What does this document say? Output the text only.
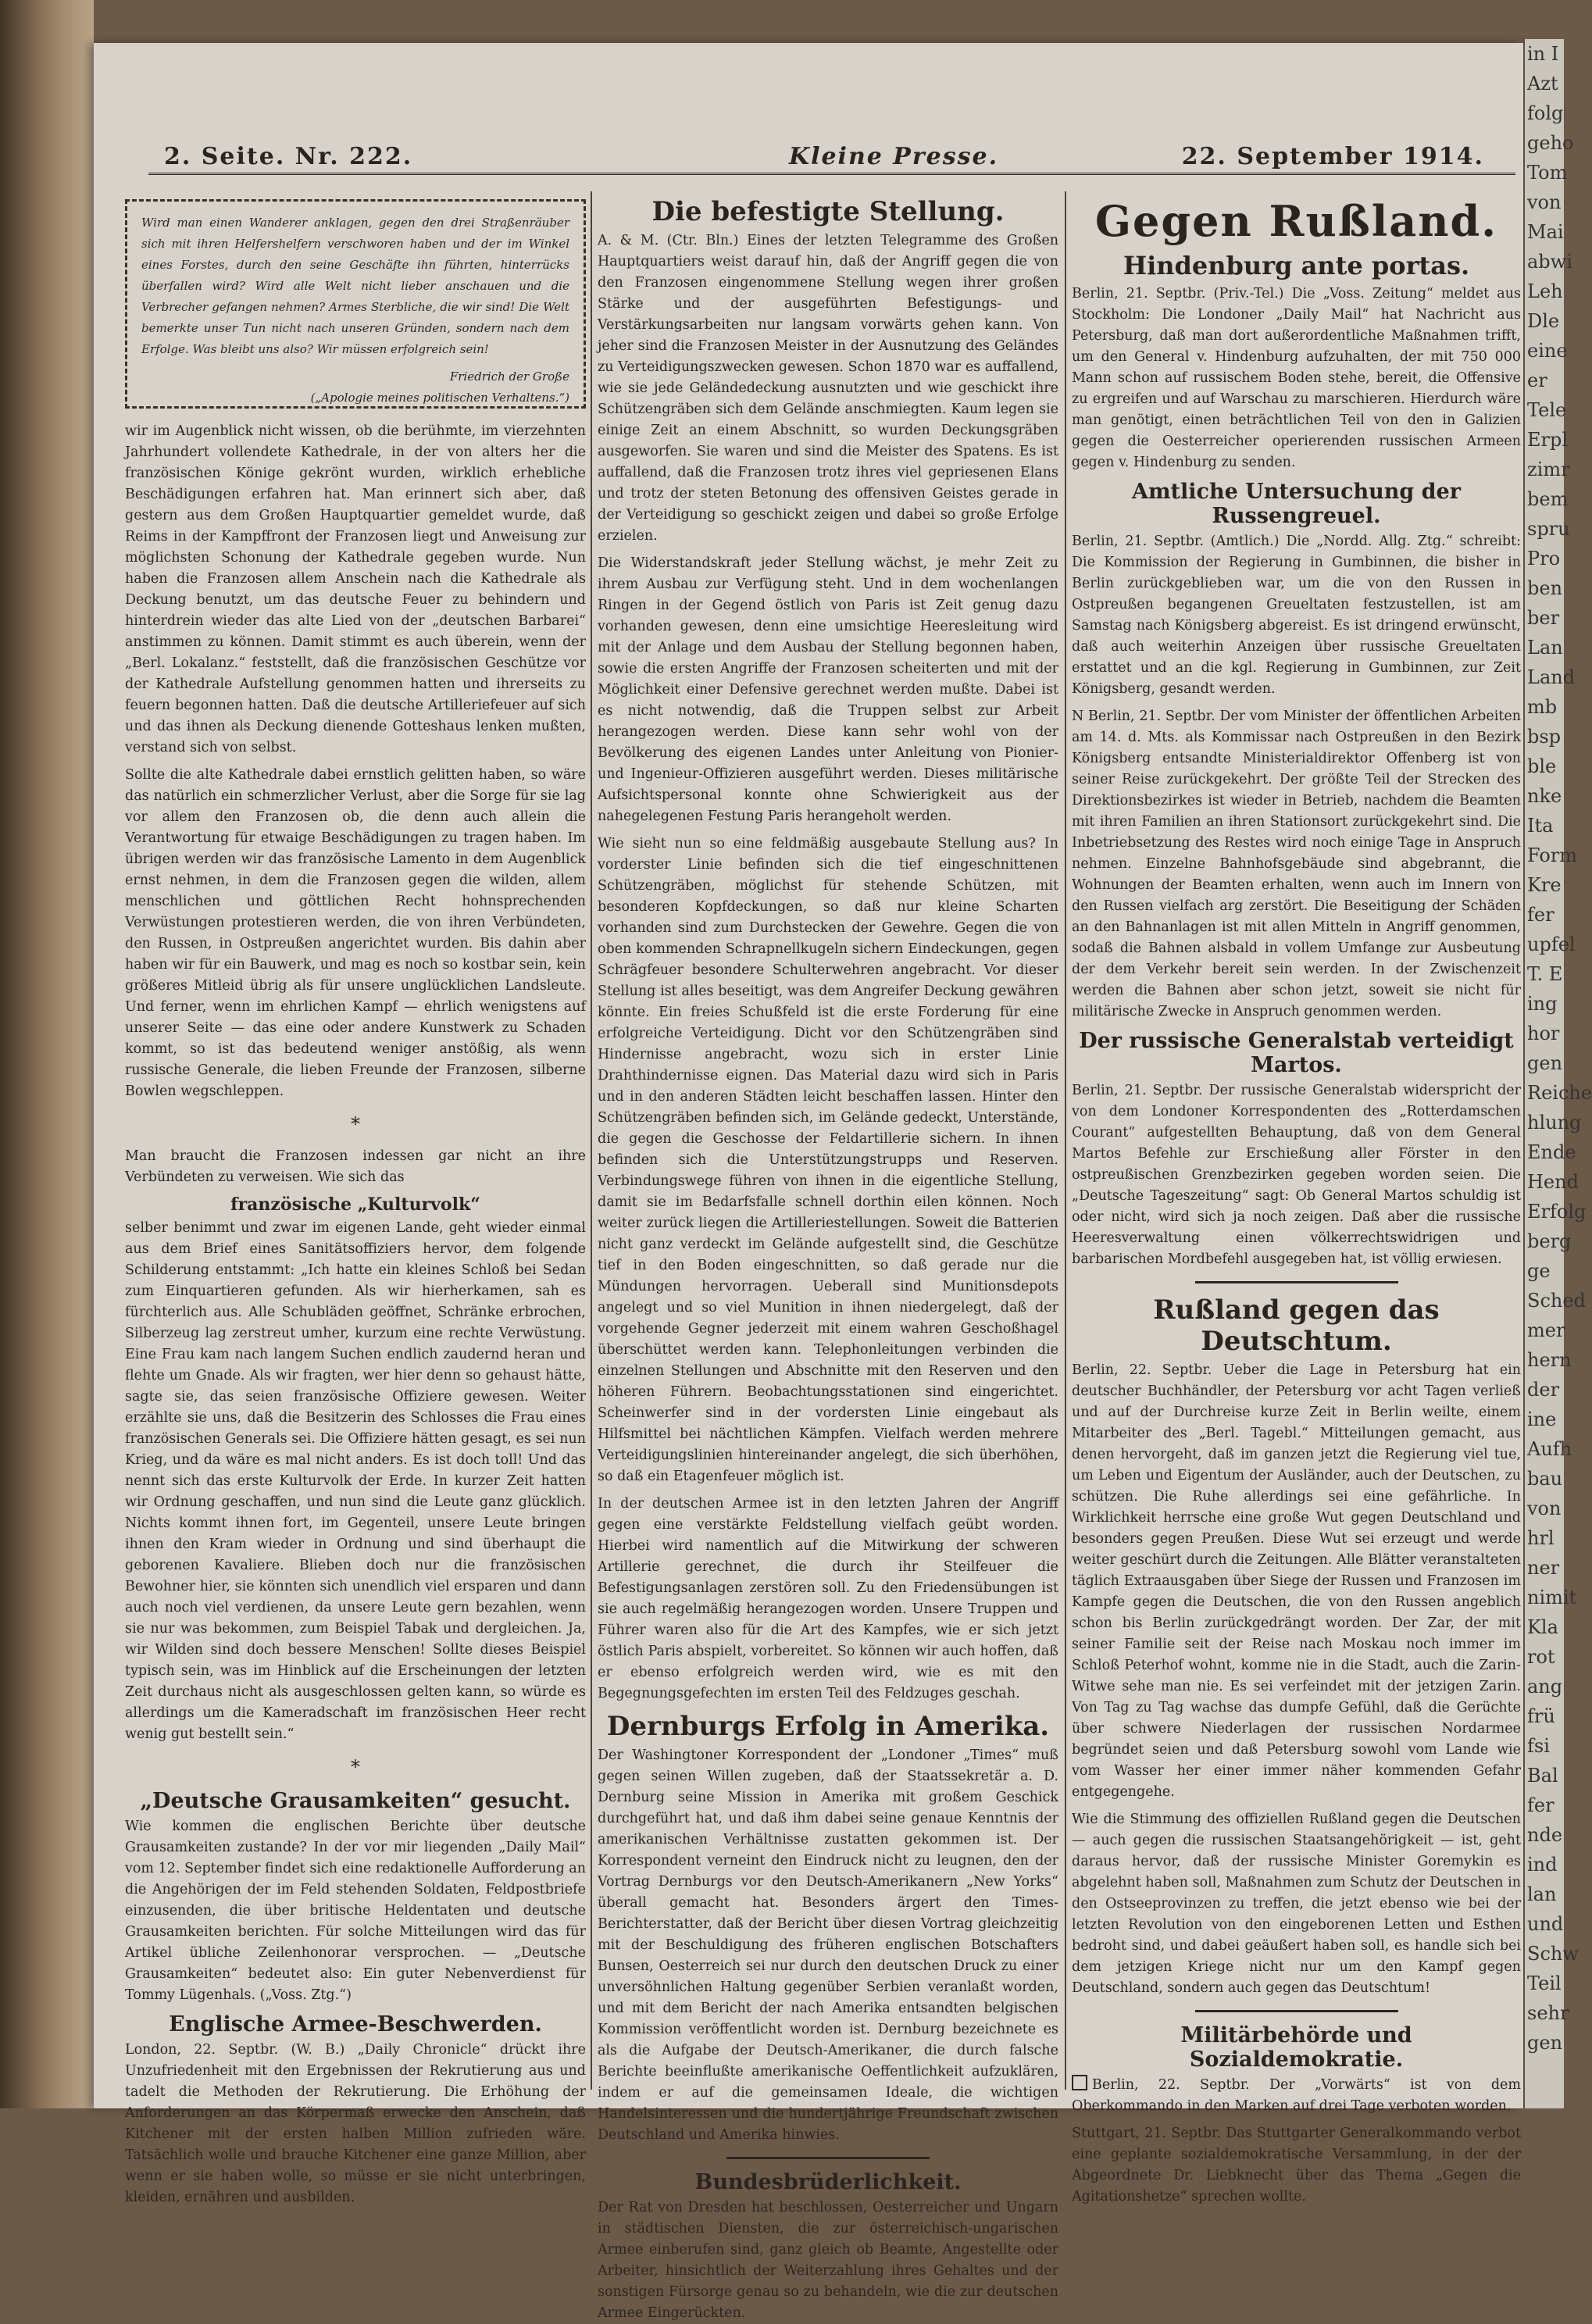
2. Seite. Nr. 222.	Kleine Presse.	22. September 1914.

Wird man einen Wanderer anklagen, gegen den drei Straßenräuber sich mit ihren Helfershelfern verschworen haben und der im Winkel eines Forstes, durch den seine Geschäfte ihn führten, hinterrücks überfallen wird? Wird alle Welt nicht lieber anschauen und die Verbrecher gefangen nehmen? Armes Sterbliche, die wir sind! Die Welt bemerkte unser Tun nicht nach unseren Gründen, sondern nach dem Erfolge. Was bleibt uns also? Wir müssen erfolgreich sein!

Friedrich der Große

(„Apologie meines politischen Verhaltens.“)

wir im Augenblick nicht wissen, ob die berühmte, im vierzehnten Jahrhundert vollendete Kathedrale, in der von alters her die französischen Könige gekrönt wurden, wirklich erhebliche Beschädigungen erfahren hat. Man erinnert sich aber, daß gestern aus dem Großen Hauptquartier gemeldet wurde, daß Reims in der Kampffront der Franzosen liegt und Anweisung zur möglichsten Schonung der Kathedrale gegeben wurde. Nun haben die Franzosen allem Anschein nach die Kathedrale als Deckung benutzt, um das deutsche Feuer zu behindern und hinterdrein wieder das alte Lied von der „deutschen Barbarei“ anstimmen zu können. Damit stimmt es auch überein, wenn der „Berl. Lokalanz.“ feststellt, daß die französischen Geschütze vor der Kathedrale Aufstellung genommen hatten und ihrerseits zu feuern begonnen hatten. Daß die deutsche Artilleriefeuer auf sich und das ihnen als Deckung dienende Gotteshaus lenken mußten, verstand sich von selbst.

Sollte die alte Kathedrale dabei ernstlich gelitten haben, so wäre das natürlich ein schmerzlicher Verlust, aber die Sorge für sie lag vor allem den Franzosen ob, die denn auch allein die Verantwortung für etwaige Beschädigungen zu tragen haben. Im übrigen werden wir das französische Lamento in dem Augenblick ernst nehmen, in dem die Franzosen gegen die wilden, allem menschlichen und göttlichen Recht hohnsprechenden Verwüstungen protestieren werden, die von ihren Verbündeten, den Russen, in Ostpreußen angerichtet wurden. Bis dahin aber haben wir für ein Bauwerk, und mag es noch so kostbar sein, kein größeres Mitleid übrig als für unsere unglücklichen Landsleute. Und ferner, wenn im ehrlichen Kampf — ehrlich wenigstens auf unserer Seite — das eine oder andere Kunstwerk zu Schaden kommt, so ist das bedeutend weniger anstößig, als wenn russische Generale, die lieben Freunde der Franzosen, silberne Bowlen wegschleppen.

*

Man braucht die Franzosen indessen gar nicht an ihre Verbündeten zu verweisen. Wie sich das

französische „Kulturvolk“

selber benimmt und zwar im eigenen Lande, geht wieder einmal aus dem Brief eines Sanitätsoffiziers hervor, dem folgende Schilderung entstammt: „Ich hatte ein kleines Schloß bei Sedan zum Einquartieren gefunden. Als wir hierherkamen, sah es fürchterlich aus. Alle Schubläden geöffnet, Schränke erbrochen, Silberzeug lag zerstreut umher, kurzum eine rechte Verwüstung. Eine Frau kam nach langem Suchen endlich zaudernd heran und flehte um Gnade. Als wir fragten, wer hier denn so gehaust hätte, sagte sie, das seien französische Offiziere gewesen. Weiter erzählte sie uns, daß die Besitzerin des Schlosses die Frau eines französischen Generals sei. Die Offiziere hätten gesagt, es sei nun Krieg, und da wäre es mal nicht anders. Es ist doch toll! Und das nennt sich das erste Kulturvolk der Erde. In kurzer Zeit hatten wir Ordnung geschaffen, und nun sind die Leute ganz glücklich. Nichts kommt ihnen fort, im Gegenteil, unsere Leute bringen ihnen den Kram wieder in Ordnung und sind überhaupt die geborenen Kavaliere. Blieben doch nur die französischen Bewohner hier, sie könnten sich unendlich viel ersparen und dann auch noch viel verdienen, da unsere Leute gern bezahlen, wenn sie nur was bekommen, zum Beispiel Tabak und dergleichen. Ja, wir Wilden sind doch bessere Menschen! Sollte dieses Beispiel typisch sein, was im Hinblick auf die Erscheinungen der letzten Zeit durchaus nicht als ausgeschlossen gelten kann, so würde es allerdings um die Kameradschaft im französischen Heer recht wenig gut bestellt sein.“

*
„Deutsche Grausamkeiten“ gesucht.

Wie kommen die englischen Berichte über deutsche Grausamkeiten zustande? In der vor mir liegenden „Daily Mail“ vom 12. September findet sich eine redaktionelle Aufforderung an die Angehörigen der im Feld stehenden Soldaten, Feldpostbriefe einzusenden, die über britische Heldentaten und deutsche Grausamkeiten berichten. Für solche Mitteilungen wird das für Artikel übliche Zeilenhonorar versprochen. — „Deutsche Grausamkeiten“ bedeutet also: Ein guter Nebenverdienst für Tommy Lügenhals. („Voss. Ztg.“)

Englische Armee-Beschwerden.

London, 22. Septbr. (W. B.) „Daily Chronicle“ drückt ihre Unzufriedenheit mit den Ergebnissen der Rekrutierung aus und tadelt die Methoden der Rekrutierung. Die Erhöhung der Anforderungen an das Körpermaß erwecke den Anschein, daß Kitchener mit der ersten halben Million zufrieden wäre. Tatsächlich wolle und brauche Kitchener eine ganze Million, aber wenn er sie haben wolle, so müsse er sie nicht unterbringen, kleiden, ernähren und ausbilden.

Die befestigte Stellung.

A. & M. (Ctr. Bln.) Eines der letzten Telegramme des Großen Hauptquartiers weist darauf hin, daß der Angriff gegen die von den Franzosen eingenommene Stellung wegen ihrer großen Stärke und der ausgeführten Befestigungs- und Verstärkungsarbeiten nur langsam vorwärts gehen kann. Von jeher sind die Franzosen Meister in der Ausnutzung des Geländes zu Verteidigungszwecken gewesen. Schon 1870 war es auffallend, wie sie jede Geländedeckung ausnutzten und wie geschickt ihre Schützengräben sich dem Gelände anschmiegten. Kaum legen sie einige Zeit an einem Abschnitt, so wurden Deckungsgräben ausgeworfen. Sie waren und sind die Meister des Spatens. Es ist auffallend, daß die Franzosen trotz ihres viel gepriesenen Elans und trotz der steten Betonung des offensiven Geistes gerade in der Verteidigung so geschickt zeigen und dabei so große Erfolge erzielen.

Die Widerstandskraft jeder Stellung wächst, je mehr Zeit zu ihrem Ausbau zur Verfügung steht. Und in dem wochenlangen Ringen in der Gegend östlich von Paris ist Zeit genug dazu vorhanden gewesen, denn eine umsichtige Heeresleitung wird mit der Anlage und dem Ausbau der Stellung begonnen haben, sowie die ersten Angriffe der Franzosen scheiterten und mit der Möglichkeit einer Defensive gerechnet werden mußte. Dabei ist es nicht notwendig, daß die Truppen selbst zur Arbeit herangezogen werden. Diese kann sehr wohl von der Bevölkerung des eigenen Landes unter Anleitung von Pionier- und Ingenieur-Offizieren ausgeführt werden. Dieses militärische Aufsichtspersonal konnte ohne Schwierigkeit aus der nahegelegenen Festung Paris herangeholt werden.

Wie sieht nun so eine feldmäßig ausgebaute Stellung aus? In vorderster Linie befinden sich die tief eingeschnittenen Schützengräben, möglichst für stehende Schützen, mit besonderen Kopfdeckungen, so daß nur kleine Scharten vorhanden sind zum Durchstecken der Gewehre. Gegen die von oben kommenden Schrapnellkugeln sichern Eindeckungen, gegen Schrägfeuer besondere Schulterwehren angebracht. Vor dieser Stellung ist alles beseitigt, was dem Angreifer Deckung gewähren könnte. Ein freies Schußfeld ist die erste Forderung für eine erfolgreiche Verteidigung. Dicht vor den Schützengräben sind Hindernisse angebracht, wozu sich in erster Linie Drahthindernisse eignen. Das Material dazu wird sich in Paris und in den anderen Städten leicht beschaffen lassen. Hinter den Schützengräben befinden sich, im Gelände gedeckt, Unterstände, die gegen die Geschosse der Feldartillerie sichern. In ihnen befinden sich die Unterstützungstrupps und Reserven. Verbindungswege führen von ihnen in die eigentliche Stellung, damit sie im Bedarfsfalle schnell dorthin eilen können. Noch weiter zurück liegen die Artilleriestellungen. Soweit die Batterien nicht ganz verdeckt im Gelände aufgestellt sind, die Geschütze tief in den Boden eingeschnitten, so daß gerade nur die Mündungen hervorragen. Ueberall sind Munitionsdepots angelegt und so viel Munition in ihnen niedergelegt, daß der vorgehende Gegner jederzeit mit einem wahren Geschoßhagel überschüttet werden kann. Telephonleitungen verbinden die einzelnen Stellungen und Abschnitte mit den Reserven und den höheren Führern. Beobachtungsstationen sind eingerichtet. Scheinwerfer sind in der vordersten Linie eingebaut als Hilfsmittel bei nächtlichen Kämpfen. Vielfach werden mehrere Verteidigungslinien hintereinander angelegt, die sich überhöhen, so daß ein Etagenfeuer möglich ist.

In der deutschen Armee ist in den letzten Jahren der Angriff gegen eine verstärkte Feldstellung vielfach geübt worden. Hierbei wird namentlich auf die Mitwirkung der schweren Artillerie gerechnet, die durch ihr Steilfeuer die Befestigungsanlagen zerstören soll. Zu den Friedensübungen ist sie auch regelmäßig herangezogen worden. Unsere Truppen und Führer waren also für die Art des Kampfes, wie er sich jetzt östlich Paris abspielt, vorbereitet. So können wir auch hoffen, daß er ebenso erfolgreich werden wird, wie es mit den Begegnungsgefechten im ersten Teil des Feldzuges geschah.

Dernburgs Erfolg in Amerika.

Der Washingtoner Korrespondent der „Londoner „Times“ muß gegen seinen Willen zugeben, daß der Staatssekretär a. D. Dernburg seine Mission in Amerika mit großem Geschick durchgeführt hat, und daß ihm dabei seine genaue Kenntnis der amerikanischen Verhältnisse zustatten gekommen ist. Der Korrespondent verneint den Eindruck nicht zu leugnen, den der Vortrag Dernburgs vor den Deutsch-Amerikanern „New Yorks“ überall gemacht hat. Besonders ärgert den Times-Berichterstatter, daß der Bericht über diesen Vortrag gleichzeitig mit der Beschuldigung des früheren englischen Botschafters Bunsen, Oesterreich sei nur durch den deutschen Druck zu einer unversöhnlichen Haltung gegenüber Serbien veranlaßt worden, und mit dem Bericht der nach Amerika entsandten belgischen Kommission veröffentlicht worden ist. Dernburg bezeichnete es als die Aufgabe der Deutsch-Amerikaner, die durch falsche Berichte beeinflußte amerikanische Oeffentlichkeit aufzuklären, indem er auf die gemeinsamen Ideale, die wichtigen Handelsinteressen und die hundertjährige Freundschaft zwischen Deutschland und Amerika hinwies.

Bundesbrüderlichkeit.

Der Rat von Dresden hat beschlossen, Oesterreicher und Ungarn in städtischen Diensten, die zur österreichisch-ungarischen Armee einberufen sind, ganz gleich ob Beamte, Angestellte oder Arbeiter, hinsichtlich der Weiterzahlung ihres Gehaltes und der sonstigen Fürsorge genau so zu behandeln, wie die zur deutschen Armee Eingerückten.

Gegen Rußland.
Hindenburg ante portas.

Berlin, 21. Septbr. (Priv.-Tel.) Die „Voss. Zeitung“ meldet aus Stockholm: Die Londoner „Daily Mail“ hat Nachricht aus Petersburg, daß man dort außerordentliche Maßnahmen trifft, um den General v. Hindenburg aufzuhalten, der mit 750 000 Mann schon auf russischem Boden stehe, bereit, die Offensive zu ergreifen und auf Warschau zu marschieren. Hierdurch wäre man genötigt, einen beträchtlichen Teil von den in Galizien gegen die Oesterreicher operierenden russischen Armeen gegen v. Hindenburg zu senden.

Amtliche Untersuchung der Russengreuel.

Berlin, 21. Septbr. (Amtlich.) Die „Nordd. Allg. Ztg.“ schreibt: Die Kommission der Regierung in Gumbinnen, die bisher in Berlin zurückgeblieben war, um die von den Russen in Ostpreußen begangenen Greueltaten festzustellen, ist am Samstag nach Königsberg abgereist. Es ist dringend erwünscht, daß auch weiterhin Anzeigen über russische Greueltaten erstattet und an die kgl. Regierung in Gumbinnen, zur Zeit Königsberg, gesandt werden.

N Berlin, 21. Septbr. Der vom Minister der öffentlichen Arbeiten am 14. d. Mts. als Kommissar nach Ostpreußen in den Bezirk Königsberg entsandte Ministerialdirektor Offenberg ist von seiner Reise zurückgekehrt. Der größte Teil der Strecken des Direktionsbezirkes ist wieder in Betrieb, nachdem die Beamten mit ihren Familien an ihren Stationsort zurückgekehrt sind. Die Inbetriebsetzung des Restes wird noch einige Tage in Anspruch nehmen. Einzelne Bahnhofsgebäude sind abgebrannt, die Wohnungen der Beamten erhalten, wenn auch im Innern von den Russen vielfach arg zerstört. Die Beseitigung der Schäden an den Bahnanlagen ist mit allen Mitteln in Angriff genommen, sodaß die Bahnen alsbald in vollem Umfange zur Ausbeutung der dem Verkehr bereit sein werden. In der Zwischenzeit werden die Bahnen aber schon jetzt, soweit sie nicht für militärische Zwecke in Anspruch genommen werden.

Der russische Generalstab verteidigt Martos.

Berlin, 21. Septbr. Der russische Generalstab widerspricht der von dem Londoner Korrespondenten des „Rotterdamschen Courant“ aufgestellten Behauptung, daß von dem General Martos Befehle zur Erschießung aller Förster in den ostpreußischen Grenzbezirken gegeben worden seien. Die „Deutsche Tageszeitung“ sagt: Ob General Martos schuldig ist oder nicht, wird sich ja noch zeigen. Daß aber die russische Heeresverwaltung einen völkerrechtswidrigen und barbarischen Mordbefehl ausgegeben hat, ist völlig erwiesen.

Rußland gegen das Deutschtum.

Berlin, 22. Septbr. Ueber die Lage in Petersburg hat ein deutscher Buchhändler, der Petersburg vor acht Tagen verließ und auf der Durchreise kurze Zeit in Berlin weilte, einem Mitarbeiter des „Berl. Tagebl.“ Mitteilungen gemacht, aus denen hervorgeht, daß im ganzen jetzt die Regierung viel tue, um Leben und Eigentum der Ausländer, auch der Deutschen, zu schützen. Die Ruhe allerdings sei eine gefährliche. In Wirklichkeit herrsche eine große Wut gegen Deutschland und besonders gegen Preußen. Diese Wut sei erzeugt und werde weiter geschürt durch die Zeitungen. Alle Blätter veranstalteten täglich Extraausgaben über Siege der Russen und Franzosen im Kampfe gegen die Deutschen, die von den Russen angeblich schon bis Berlin zurückgedrängt worden. Der Zar, der mit seiner Familie seit der Reise nach Moskau noch immer im Schloß Peterhof wohnt, komme nie in die Stadt, auch die Zarin-Witwe sehe man nie. Es sei verfeindet mit der jetzigen Zarin. Von Tag zu Tag wachse das dumpfe Gefühl, daß die Gerüchte über schwere Niederlagen der russischen Nordarmee begründet seien und daß Petersburg sowohl vom Lande wie vom Wasser her einer immer näher kommenden Gefahr entgegengehe.

Wie die Stimmung des offiziellen Rußland gegen die Deutschen — auch gegen die russischen Staatsangehörigkeit — ist, geht daraus hervor, daß der russische Minister Goremykin es abgelehnt haben soll, Maßnahmen zum Schutz der Deutschen in den Ostseeprovinzen zu treffen, die jetzt ebenso wie bei der letzten Revolution von den eingeborenen Letten und Esthen bedroht sind, und dabei geäußert haben soll, es handle sich bei dem jetzigen Kriege nicht nur um den Kampf gegen Deutschland, sondern auch gegen das Deutschtum!

Militärbehörde und Sozialdemokratie.

Berlin, 22. Septbr. Der „Vorwärts“ ist von dem Oberkommando in den Marken auf drei Tage verboten worden.

Stuttgart, 21. Septbr. Das Stuttgarter Generalkommando verbot eine geplante sozialdemokratische Versammlung, in der der Abgeordnete Dr. Liebknecht über das Thema „Gegen die Agitationshetze“ sprechen wollte.

in I
Azt
folg
geho
Tom
von
Mai
abwi
Leh
Dle
eine
er
Tele
Erpl
zimr
bem
spru
Pro
ben
ber
Lan
Land
mb
bsp
ble
nke
Ita
Form
Kre
fer
upfel
T. E
ing
hor
gen
Reiche
hlung
Ende
Hend
Erfolg
berg
ge
Sched
mer
hern
der
ine
Aufh
bau
von
hrl
ner
nimit
Kla
rot
ang
frü
fsi
Bal
fer
nde
ind
lan
und
Schw
Teil
sehr
gen
